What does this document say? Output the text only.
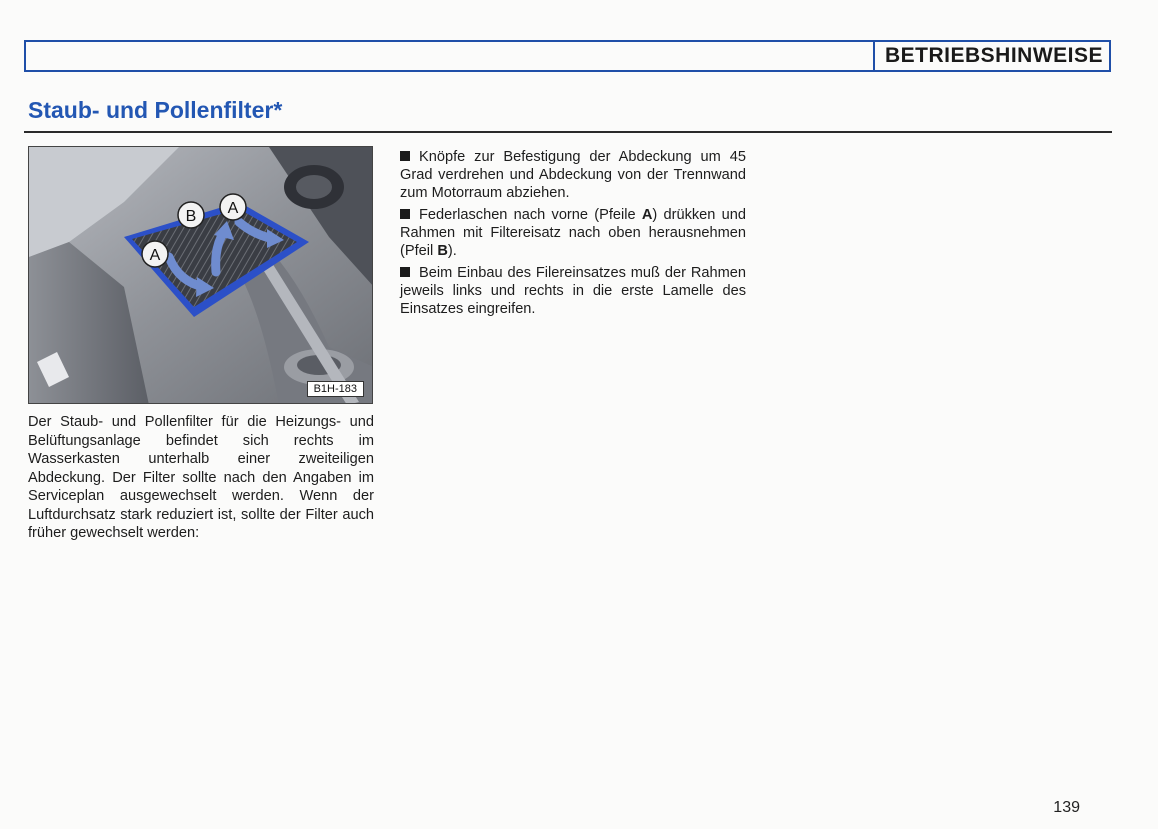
BETRIEBSHINWEISE
Staub- und Pollenfilter*
B A
A
B1H-183

Der Staub- und Pollenfilter für die Heizungs- und Belüftungsanlage befindet sich rechts im Wasserkasten unterhalb einer zweiteiligen Abdeckung. Der Filter sollte nach den Angaben im Serviceplan ausgewechselt werden. Wenn der Luftdurchsatz stark reduziert ist, sollte der Filter auch früher gewechselt werden:

Knöpfe zur Befestigung der Abdeckung um 45 Grad verdrehen und Abdeckung von der Trennwand zum Motorraum abziehen.
Federlaschen nach vorne (Pfeile A) drükken und Rahmen mit Filtereisatz nach oben herausnehmen (Pfeil B).
Beim Einbau des Filereinsatzes muß der Rahmen jeweils links und rechts in die erste Lamelle des Einsatzes eingreifen.
139
